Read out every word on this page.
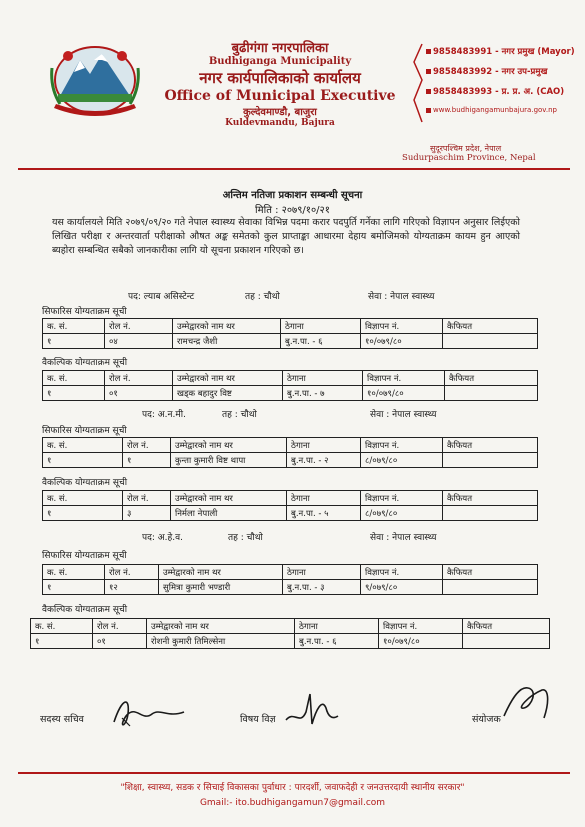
बुढीगंगा नगरपालिका
Budhiganga Municipality
नगर कार्यपालिकाको कार्यालय
Office of Municipal Executive
कुल्देवमाण्डौ, बाजुरा
Kuldevmandu, Bajura
9858483991 - नगर प्रमुख (Mayor)
9858483992 - नगर उप-प्रमुख
9858483993 - प्र. प्र. अ. (CAO)
www.budhigangamunbajura.gov.np
सुदूरपश्चिम प्रदेश, नेपाल
Sudurpaschim Province, Nepal
अन्तिम नतिजा प्रकाशन सम्बन्धी सूचना
मिति : २०७९/१०/२१
यस कार्यालयले मिति २०७९/०९/२० गते नेपाल स्वास्थ्य सेवाका विभिन्न पदमा करार पदपुर्ति गर्नेका लागि गरिएको विज्ञापन अनुसार लिईएको लिखित परीक्षा र अन्तरवार्ता परीक्षाको औषत अङ्क समेतको कुल प्राप्ताङ्का आधारमा देहाय बमोजिमको योग्यताक्रम कायम हुन आएको ब्यहोरा सम्बन्धित सबैको जानकारीका लागि यो सूचना प्रकाशन गरिएको छ।
पद: ल्याब असिस्टेन्ट	तह : चौथो	सेवा : नेपाल स्वास्थ्य
सिफारिस योग्यताक्रम सूची
क. सं.	रोल नं.	उम्मेद्वारको नाम थर	ठेगाना	विज्ञापन नं.	कैफियत
१	०४	रामचन्द्र जैशी	बु.न.पा. - ६	१०/०७९/८०	
वैकल्पिक योग्यताक्रम सूची
क. सं.	रोल नं.	उम्मेद्वारको नाम थर	ठेगाना	विज्ञापन नं.	कैफियत
१	०१	खड्क बहादुर विष्ट	बु.न.पा. - ७	१०/०७९/८०	
पद: अ.न.मी.	तह : चौथो	सेवा : नेपाल स्वास्थ्य
सिफारिस योग्यताक्रम सूची
क. सं.	रोल नं.	उम्मेद्वारको नाम थर	ठेगाना	विज्ञापन नं.	कैफियत
१	१	कुन्ता कुमारी विष्ट थापा	बु.न.पा. - २	८/०७९/८०	
वैकल्पिक योग्यताक्रम सूची
क. सं.	रोल नं.	उम्मेद्वारको नाम थर	ठेगाना	विज्ञापन नं.	कैफियत
१	३	निर्मला नेपाली	बु.न.पा. - ५	८/०७९/८०	
पद: अ.हे.व.	तह : चौथो	सेवा : नेपाल स्वास्थ्य
सिफारिस योग्यताक्रम सूची
क. सं.	रोल नं.	उम्मेद्वारको नाम थर	ठेगाना	विज्ञापन नं.	कैफियत
१	१२	सुमित्रा कुमारी भण्डारी	बु.न.पा. - ३	९/०७९/८०	
वैकल्पिक योग्यताक्रम सूची
क. सं.	रोल नं.	उम्मेद्वारको नाम थर	ठेगाना	विज्ञापन नं.	कैफियत
१	०१	रोशनी कुमारी तिमिल्सेना	बु.न.पा. - ६	१०/०७९/८०	
सदस्य सचिव	विषय विज्ञ	संयोजक
"शिक्षा, स्वास्थ्य, सडक र सिचाई विकासका पुर्वाधार : पारदर्शी, जवाफदेही र जनउत्तरदायी स्थानीय सरकार"
Gmail:- ito.budhigangamun7@gmail.com
